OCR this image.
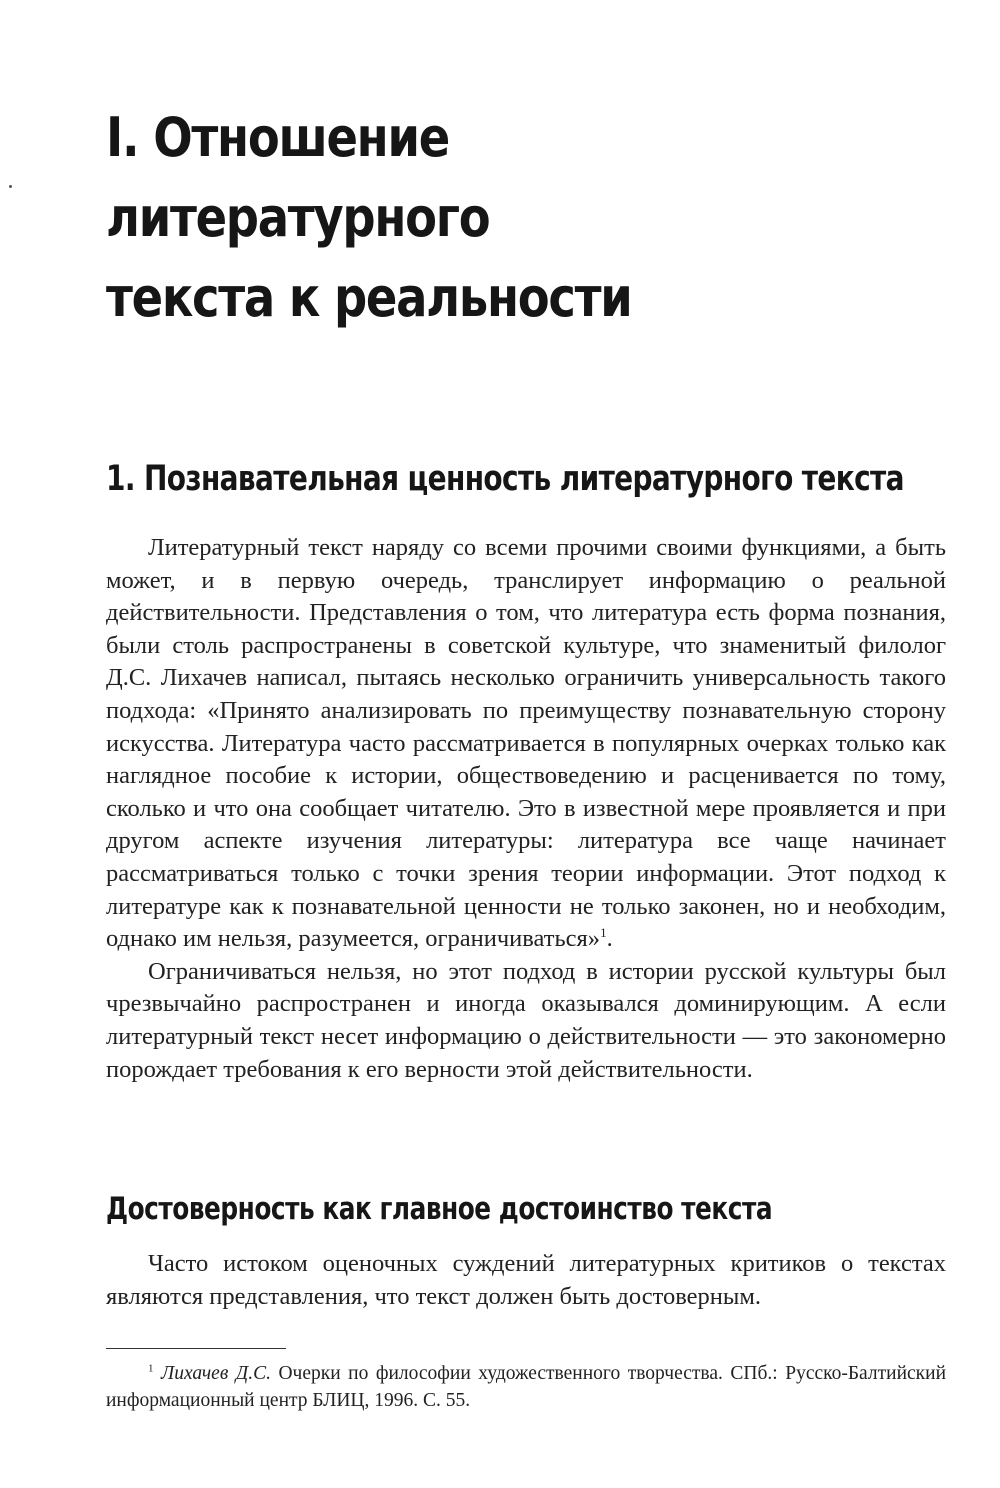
I. Отношение литературного
текста к реальности
1. Познавательная ценность литературного текста

Литературный текст наряду со всеми прочими своими функциями, а быть может, и в первую очередь, транслирует информацию о реальной действительности. Представления о том, что литература есть форма познания, были столь распространены в советской культуре, что знаменитый филолог Д.С. Лихачев написал, пытаясь несколько ограничить универсальность такого подхода: «Принято анализировать по преимуществу познавательную сторону искусства. Литература часто рассматривается в популярных очерках только как наглядное пособие к истории, обществоведению и расценивается по тому, сколько и что она сообщает читателю. Это в известной мере проявляется и при другом аспекте изучения литературы: литература все чаще начинает рассматриваться только с точки зрения теории информации. Этот подход к литературе как к познавательной ценности не только законен, но и необходим, однако им нельзя, разумеется, ограничиваться»$^1$.

Ограничиваться нельзя, но этот подход в истории русской культуры был чрезвычайно распространен и иногда оказывался доминирующим. А если литературный текст несет информацию о действительности — это закономерно порождает требования к его верности этой действительности.

Достоверность как главное достоинство текста

Часто истоком оценочных суждений литературных критиков о текстах являются представления, что текст должен быть достоверным.

$^1$ Лихачев Д.С. Очерки по философии художественного творчества. СПб.: Русско-Балтийский информационный центр БЛИЦ, 1996. С. 55.
